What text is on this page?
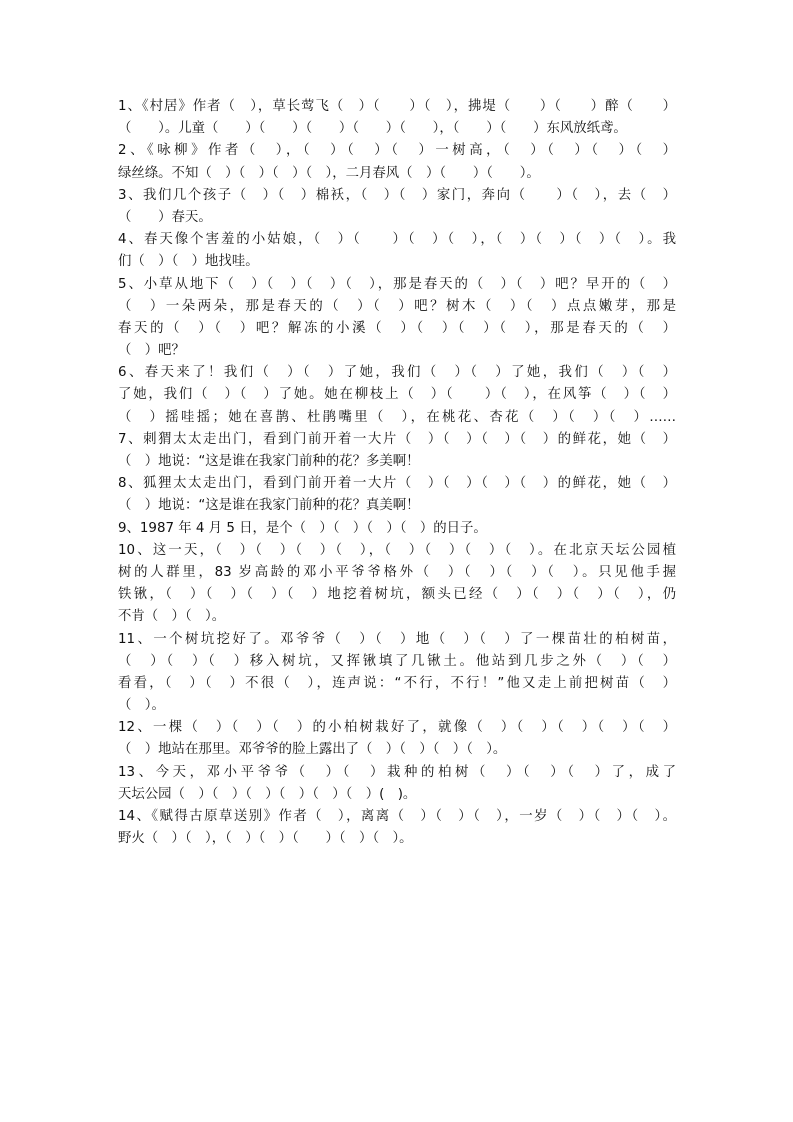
1、《村居》作者（　），草长莺飞（　）（　　）（　），拂堤（　　）（　　）醉（　　）
（　　）。儿童（　　）（　　）（　　）（　　）（　　），（　　）（　　）东风放纸鸢。
2、《咏柳》作者（　），（　）（　）（　）一树高，（　）（　）（　）（　）
绿丝绦。不知（　）（　）（　）（　），二月春风（　）（　　）（　　）。
3、我们几个孩子（　）（　）棉袄，（　）（　）家门，奔向（　　）（　），去（　）
（　　）春天。
4、春天像个害羞的小姑娘，（　）（　　）（　）（　），（　）（　）（　）（　）。我
们（　）（　）地找哇。
5、小草从地下（　）（　）（　）（　），那是春天的（　）（　）吧？早开的（　）
（　）一朵两朵，那是春天的（　）（　）吧？树木（　）（　）点点嫩芽，那是
春天的（　）（　）吧？解冻的小溪（　）（　）（　）（　），那是春天的（　）
（　）吧？
6、春天来了！我们（　）（　）了她，我们（　）（　）了她，我们（　）（　）
了她，我们（　）（　）了她。她在柳枝上（　）（　　）（　），在风筝（　）（　）
（　）摇哇摇；她在喜鹊、杜鹃嘴里（　），在桃花、杏花（　）（　）（　）……
7、刺猬太太走出门，看到门前开着一大片（　）（　）（　）（　）的鲜花，她（　）
（　）地说：“这是谁在我家门前种的花？多美啊！
8、狐狸太太走出门，看到门前开着一大片（　）（　）（　）（　）的鲜花，她（　）
（　）地说：“这是谁在我家门前种的花？真美啊！
9、1987 年 4 月 5 日，是个（　）（　）（　）（　）的日子。
10、这一天，（　）（　）（　）（　），（　）（　）（　）（　）。在北京天坛公园植
树的人群里，83 岁高龄的邓小平爷爷格外（　）（　）（　）（　）。只见他手握
铁锹，（　）（　）（　）（　）地挖着树坑，额头已经（　）（　）（　）（　），仍
不肯（　）（　）。
11、一个树坑挖好了。邓爷爷（　）（　）地（　）（　）了一棵苗壮的柏树苗，
（　）（　）（　）移入树坑，又挥锹填了几锹土。他站到几步之外（　）（　）
看看，（　）（　）不很（　），连声说：“不行，不行！”他又走上前把树苗（　）
（　）。
12、一棵（　）（　）（　）的小柏树栽好了，就像（　）（　）（　）（　）（　）
（　）地站在那里。邓爷爷的脸上露出了（　）（　）（　）（　）。
13、今天，邓小平爷爷（　）（　）栽种的柏树（　）（　）（　）了，成了
天坛公园（　）（　）（　）（　）（　）（　）(　)。
14、《赋得古原草送别》作者（　），离离（　）（　）（　），一岁（　）（　）（　）。
野火（　）（　），（　）（　）（　　）（　）（　）。
